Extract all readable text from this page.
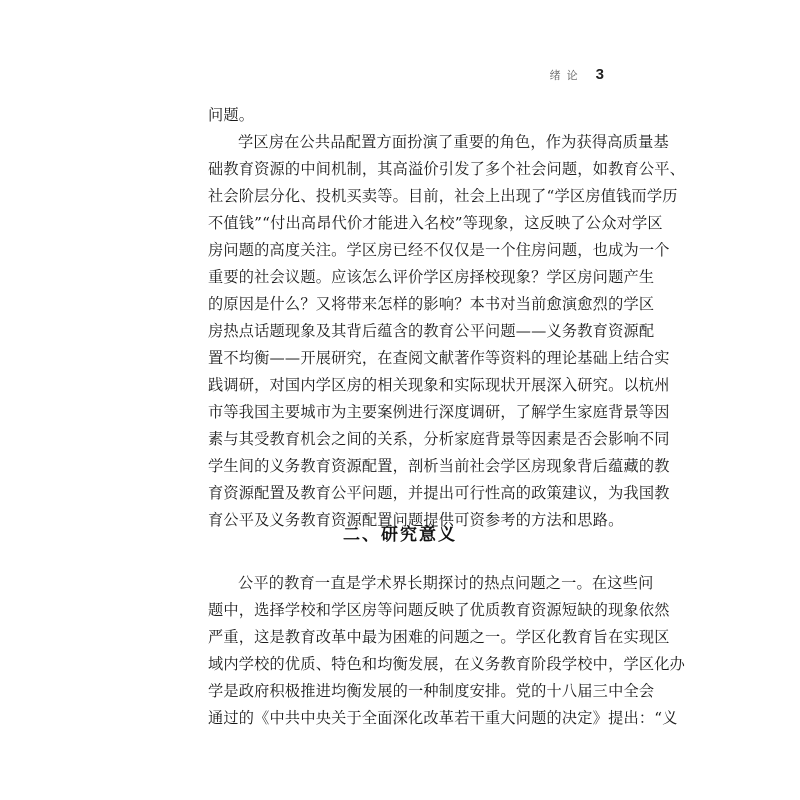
绪论 3
问题。
学区房在公共品配置方面扮演了重要的角色，作为获得高质量基
础教育资源的中间机制，其高溢价引发了多个社会问题，如教育公平、
社会阶层分化、投机买卖等。目前，社会上出现了“学区房值钱而学历
不值钱”“付出高昂代价才能进入名校”等现象，这反映了公众对学区
房问题的高度关注。学区房已经不仅仅是一个住房问题，也成为一个
重要的社会议题。应该怎么评价学区房择校现象？学区房问题产生
的原因是什么？又将带来怎样的影响？本书对当前愈演愈烈的学区
房热点话题现象及其背后蕴含的教育公平问题——义务教育资源配
置不均衡——开展研究，在查阅文献著作等资料的理论基础上结合实
践调研，对国内学区房的相关现象和实际现状开展深入研究。以杭州
市等我国主要城市为主要案例进行深度调研，了解学生家庭背景等因
素与其受教育机会之间的关系，分析家庭背景等因素是否会影响不同
学生间的义务教育资源配置，剖析当前社会学区房现象背后蕴藏的教
育资源配置及教育公平问题，并提出可行性高的政策建议，为我国教
育公平及义务教育资源配置问题提供可资参考的方法和思路。
二、研究意义
公平的教育一直是学术界长期探讨的热点问题之一。在这些问
题中，选择学校和学区房等问题反映了优质教育资源短缺的现象依然
严重，这是教育改革中最为困难的问题之一。学区化教育旨在实现区
域内学校的优质、特色和均衡发展，在义务教育阶段学校中，学区化办
学是政府积极推进均衡发展的一种制度安排。党的十八届三中全会
通过的《中共中央关于全面深化改革若干重大问题的决定》提出：“义
